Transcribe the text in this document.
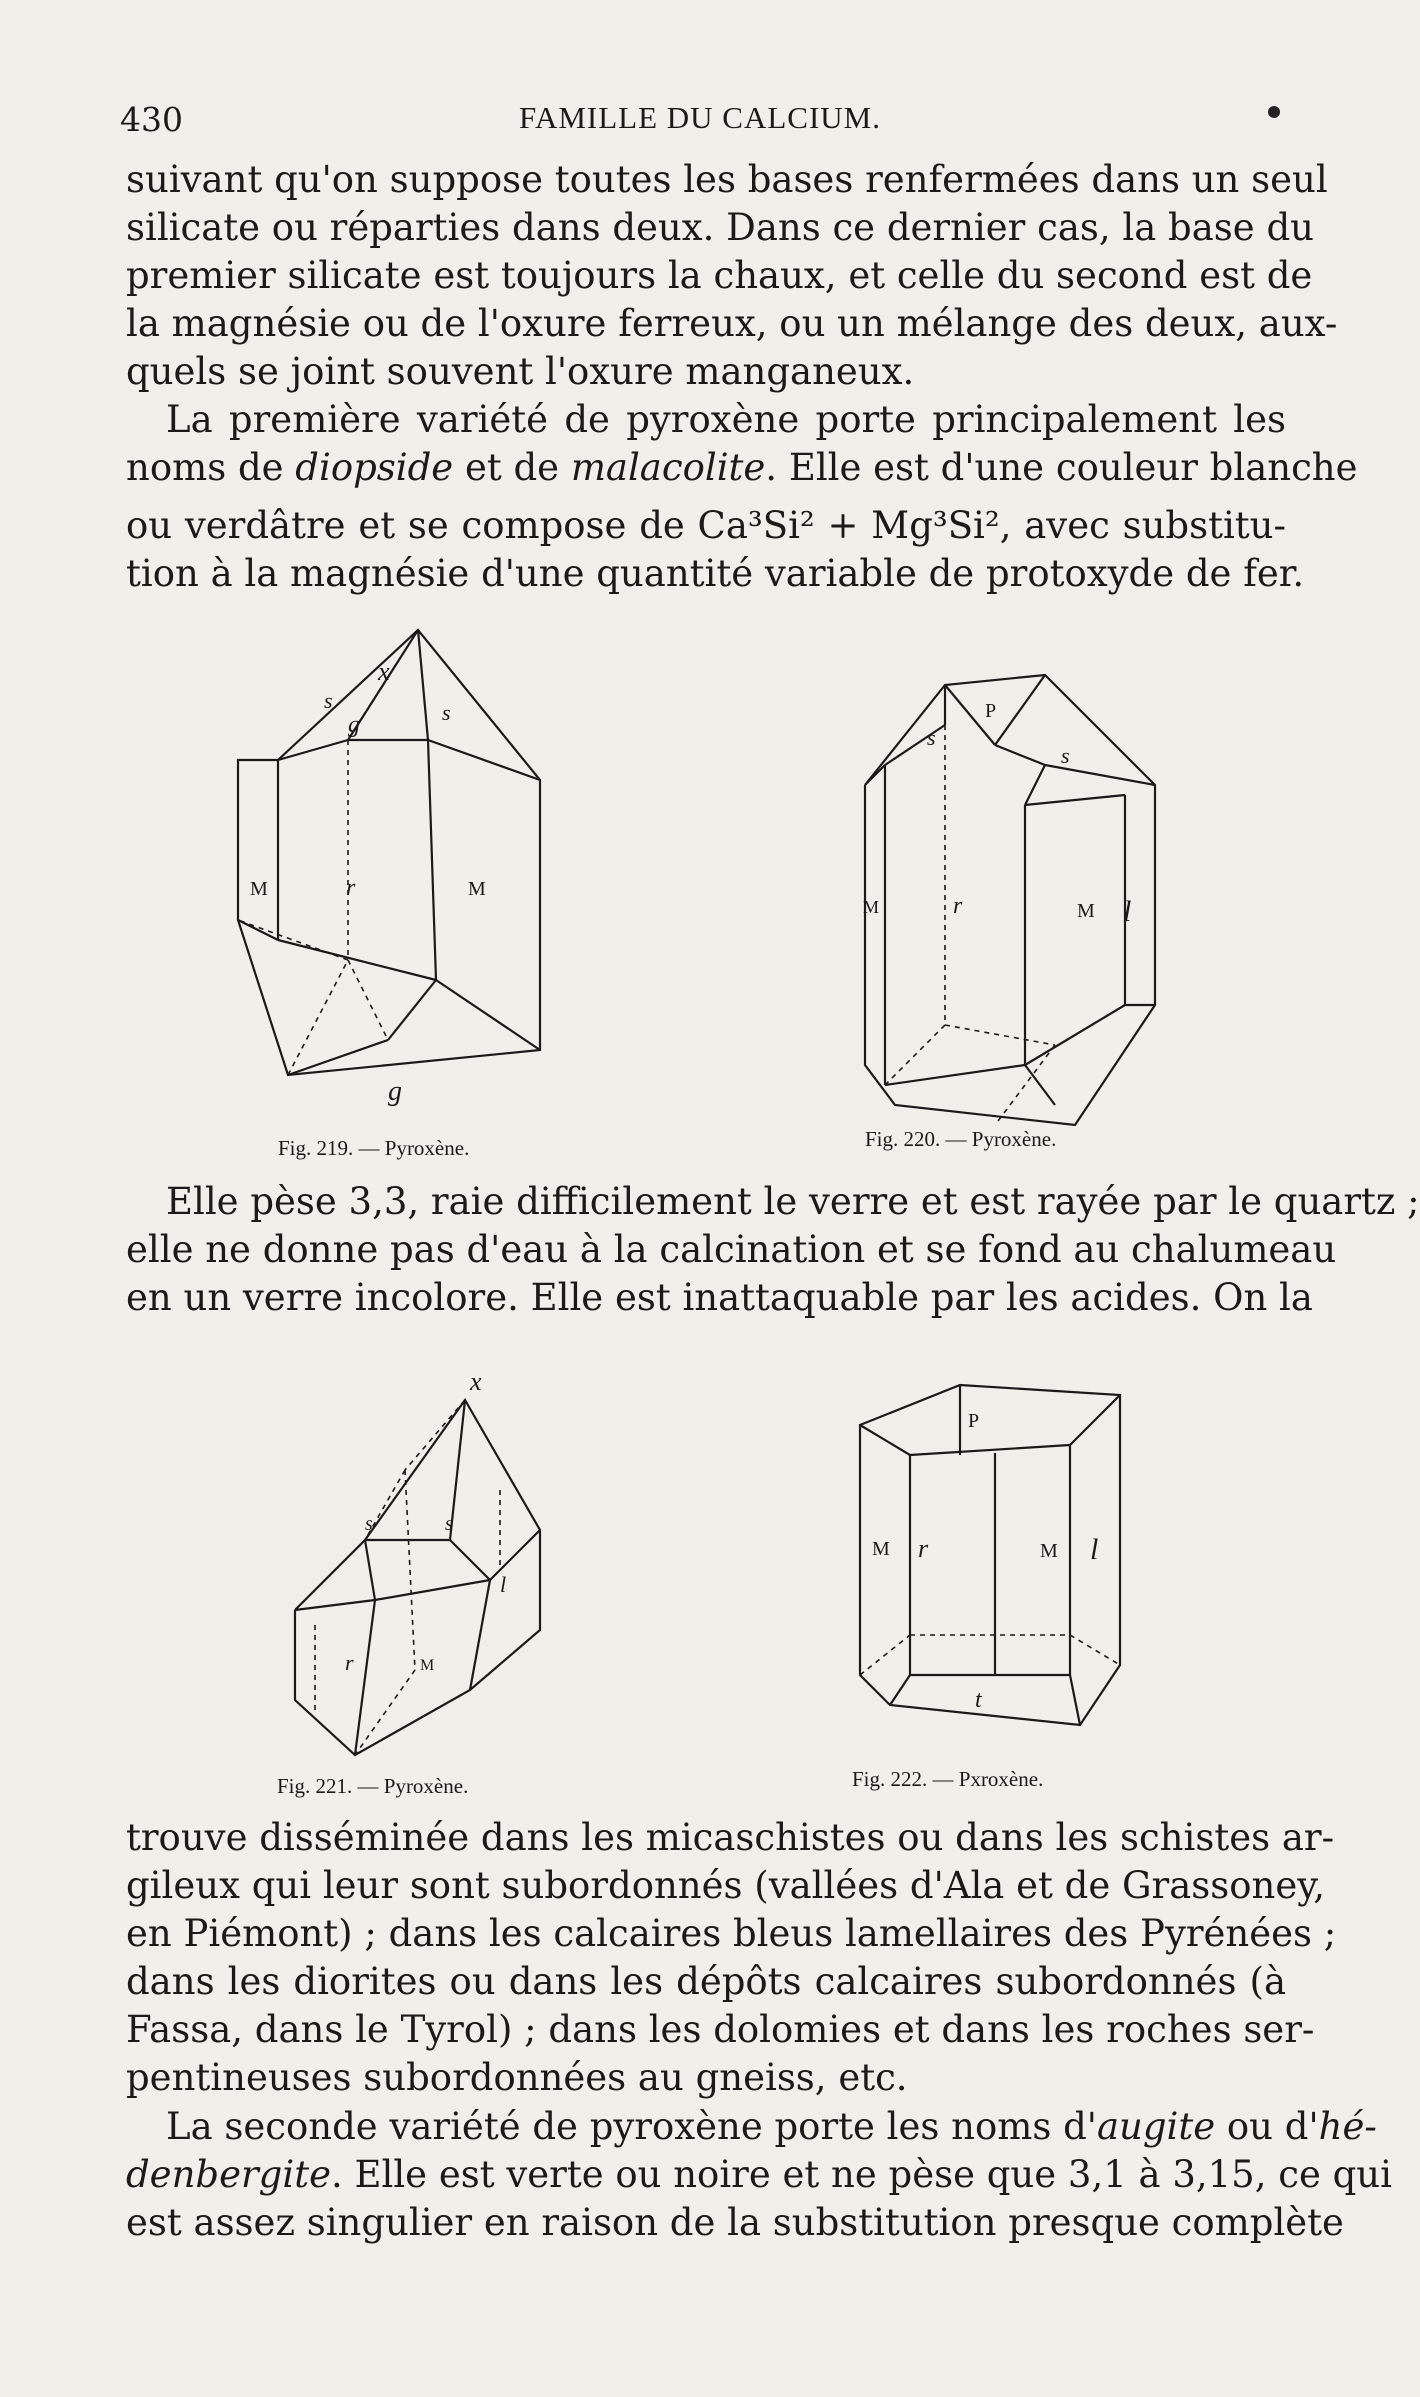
430	FAMILLE DU CALCIUM.
suivant qu'on suppose toutes les bases renfermées dans un seul
silicate ou réparties dans deux. Dans ce dernier cas, la base du
premier silicate est toujours la chaux, et celle du second est de
la magnésie ou de l'oxure ferreux, ou un mélange des deux, aux-
quels se joint souvent l'oxure manganeux.
La première variété de pyroxène porte principalement les
noms de diopside et de malacolite. Elle est d'une couleur blanche
ou verdâtre et se compose de Ca³Si² + Mg³Si², avec substitu-
tion à la magnésie d'une quantité variable de protoxyde de fer.
x
s	s
g
M	r	M
g
Fig. 219. — Pyroxène.
P
s
s
M	r	M l
Fig. 220. — Pyroxène.
Elle pèse 3,3, raie difficilement le verre et est rayée par le quartz ;
elle ne donne pas d'eau à la calcination et se fond au chalumeau
en un verre incolore. Elle est inattaquable par les acides. On la
x
s	s
l
r	M
Fig. 221. — Pyroxène.
P
M r	M l
t
Fig. 222. — Pxroxène.
trouve disséminée dans les micaschistes ou dans les schistes ar-
gileux qui leur sont subordonnés (vallées d'Ala et de Grassoney,
en Piémont) ; dans les calcaires bleus lamellaires des Pyrénées ;
dans les diorites ou dans les dépôts calcaires subordonnés (à
Fassa, dans le Tyrol) ; dans les dolomies et dans les roches ser-
pentineuses subordonnées au gneiss, etc.
La seconde variété de pyroxène porte les noms d'augite ou d'hé-
denbergite. Elle est verte ou noire et ne pèse que 3,1 à 3,15, ce qui
est assez singulier en raison de la substitution presque complète
